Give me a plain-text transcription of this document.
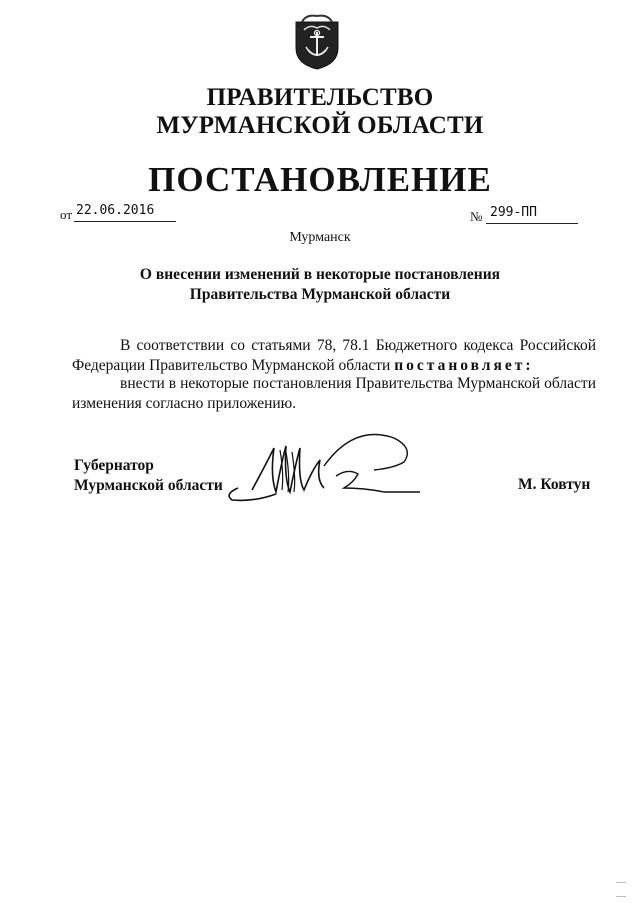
ПРАВИТЕЛЬСТВО
МУРМАНСКОЙ ОБЛАСТИ
ПОСТАНОВЛЕНИЕ
от 22.06.2016	№ 299-ПП
Мурманск
О внесении изменений в некоторые постановления
Правительства Мурманской области
В соответствии со статьями 78, 78.1 Бюджетного кодекса Российской Федерации Правительство Мурманской области постановляет:
внести в некоторые постановления Правительства Мурманской области изменения согласно приложению.
Губернатор
Мурманской области	М. Ковтун
